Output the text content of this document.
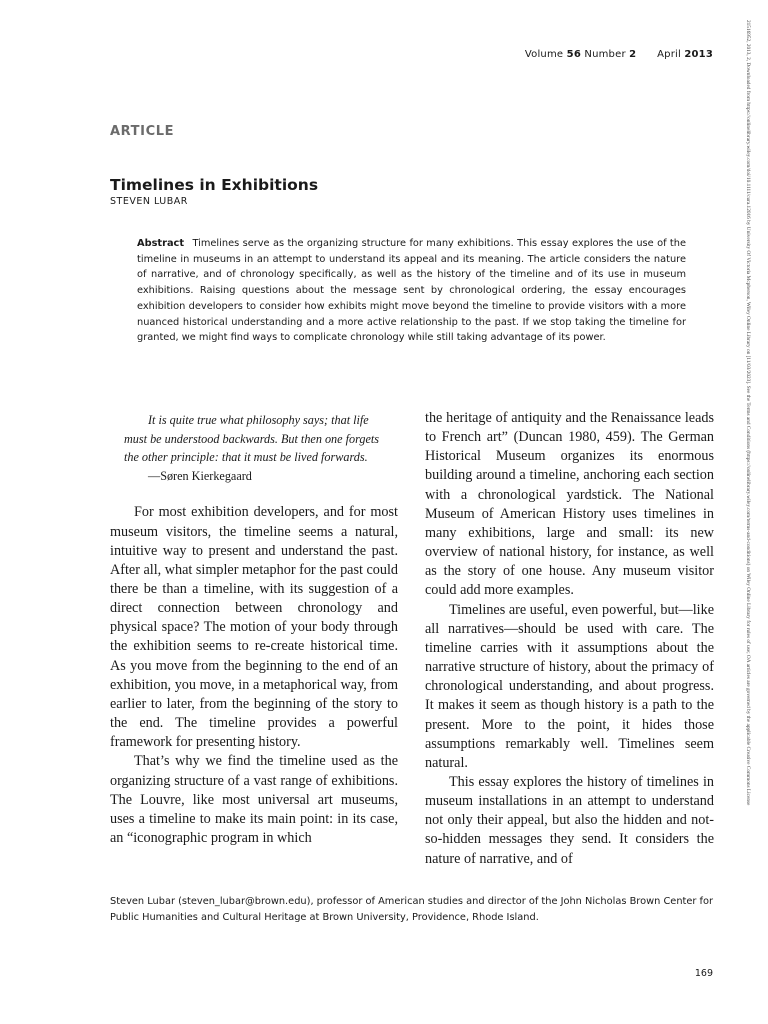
Volume 56 Number 2 April 2013
ARTICLE
Timelines in Exhibitions
STEVEN LUBAR
Abstract Timelines serve as the organizing structure for many exhibitions. This essay explores the use of the timeline in museums in an attempt to understand its appeal and its meaning. The article considers the nature of narrative, and of chronology specifically, as well as the history of the timeline and of its use in museum exhibitions. Raising questions about the message sent by chronological ordering, the essay encourages exhibition developers to consider how exhibits might move beyond the timeline to provide visitors with a more nuanced historical understanding and a more active relationship to the past. If we stop taking the timeline for granted, we might find ways to complicate chronology while still taking advantage of its power.
It is quite true what philosophy says; that life
must be understood backwards. But then one forgets
the other principle: that it must be lived forwards.
—Søren Kierkegaard

For most exhibition developers, and for most museum visitors, the timeline seems a natural, intuitive way to present and understand the past. After all, what simpler metaphor for the past could there be than a timeline, with its suggestion of a direct connection between chronology and physical space? The motion of your body through the exhibition seems to re-create historical time. As you move from the beginning to the end of an exhibition, you move, in a metaphorical way, from earlier to later, from the beginning of the story to the end. The timeline provides a powerful framework for presenting history.

That’s why we find the timeline used as the organizing structure of a vast range of exhibitions. The Louvre, like most universal art museums, uses a timeline to make its main point: in its case, an “iconographic program in which

the heritage of antiquity and the Renaissance leads to French art” (Duncan 1980, 459). The German Historical Museum organizes its enormous building around a timeline, anchoring each section with a chronological yardstick. The National Museum of American History uses timelines in many exhibitions, large and small: its new overview of national history, for instance, as well as the story of one house. Any museum visitor could add more examples.

Timelines are useful, even powerful, but—like all narratives—should be used with care. The timeline carries with it assumptions about the narrative structure of history, about the primacy of chronological understanding, and about progress. It makes it seem as though history is a path to the present. More to the point, it hides those assumptions remarkably well. Timelines seem natural.

This essay explores the history of timelines in museum installations in an attempt to understand not only their appeal, but also the hidden and not-so-hidden messages they send. It considers the nature of narrative, and of

Steven Lubar (steven_lubar@brown.edu), professor of American studies and director of the John Nicholas Brown Center for Public Humanities and Cultural Heritage at Brown University, Providence, Rhode Island.
169
21516952, 2013, 2, Downloaded from https://onlinelibrary.wiley.com/doi/10.1111/cura.12016 by University Of Victoria Mcpherson, Wiley Online Library on [11/03/2023]. See the Terms and Conditions (https://onlinelibrary.wiley.com/terms-and-conditions) on Wiley Online Library for rules of use; OA articles are governed by the applicable Creative Commons License
